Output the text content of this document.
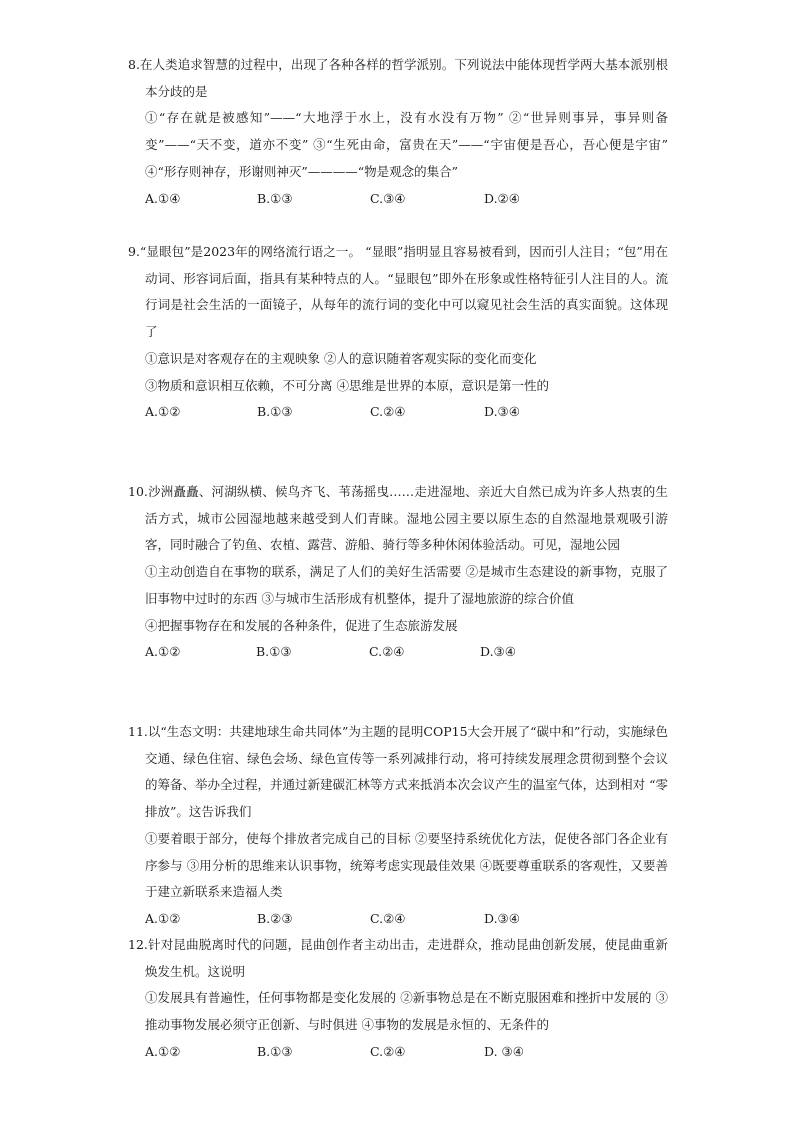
8.在人类追求智慧的过程中，出现了各种各样的哲学派别。下列说法中能体现哲学两大基本派别根本分歧的是

①“存在就是被感知”——“大地浮于水上，没有水没有万物” ②“世异则事异，事异则备变”——“天不变，道亦不变” ③“生死由命，富贵在天”——“宇宙便是吾心，吾心便是宇宙” ④“形存则神存，形谢则神灭”————“物是观念的集合”

A.①④	B.①③	C.③④	D.②④

9.“显眼包”是2023年的网络流行语之一。 “显眼”指明显且容易被看到，因而引人注目；“包”用在动词、形容词后面，指具有某种特点的人。“显眼包”即外在形象或性格特征引人注目的人。流行词是社会生活的一面镜子，从每年的流行词的变化中可以窥见社会生活的真实面貌。这体现了

①意识是对客观存在的主观映象 ②人的意识随着客观实际的变化而变化
③物质和意识相互依赖，不可分离 ④思维是世界的本原，意识是第一性的

A.①②	B.①③	C.②④	D.③④

10.沙洲矗矗、河湖纵横、候鸟齐飞、苇荡摇曳……走进湿地、亲近大自然已成为许多人热衷的生活方式，城市公园湿地越来越受到人们青睐。湿地公园主要以原生态的自然湿地景观吸引游客，同时融合了钓鱼、农植、露营、游船、骑行等多种休闲体验活动。可见，湿地公园

①主动创造自在事物的联系，满足了人们的美好生活需要 ②是城市生态建设的新事物，克服了旧事物中过时的东西 ③与城市生活形成有机整体，提升了湿地旅游的综合价值
④把握事物存在和发展的各种条件，促进了生态旅游发展

A.①②	B.①③	C.②④	D.③④

11.以“生态文明：共建地球生命共同体”为主题的昆明COP15大会开展了“碳中和”行动，实施绿色交通、绿色住宿、绿色会场、绿色宣传等一系列减排行动，将可持续发展理念贯彻到整个会议的筹备、举办全过程，并通过新建碳汇林等方式来抵消本次会议产生的温室气体，达到相对 “零排放”。这告诉我们

①要着眼于部分，使每个排放者完成自己的目标 ②要坚持系统优化方法，促使各部门各企业有序参与 ③用分析的思维来认识事物，统筹考虑实现最佳效果 ④既要尊重联系的客观性，又要善于建立新联系来造福人类

A.①②	B.②③	C.②④	D.③④

12.针对昆曲脱离时代的问题，昆曲创作者主动出击，走进群众，推动昆曲创新发展，使昆曲重新焕发生机。这说明

①发展具有普遍性，任何事物都是变化发展的 ②新事物总是在不断克服困难和挫折中发展的 ③推动事物发展必须守正创新、与时俱进 ④事物的发展是永恒的、无条件的

A.①②	B.①③	C.②④	D. ③④
